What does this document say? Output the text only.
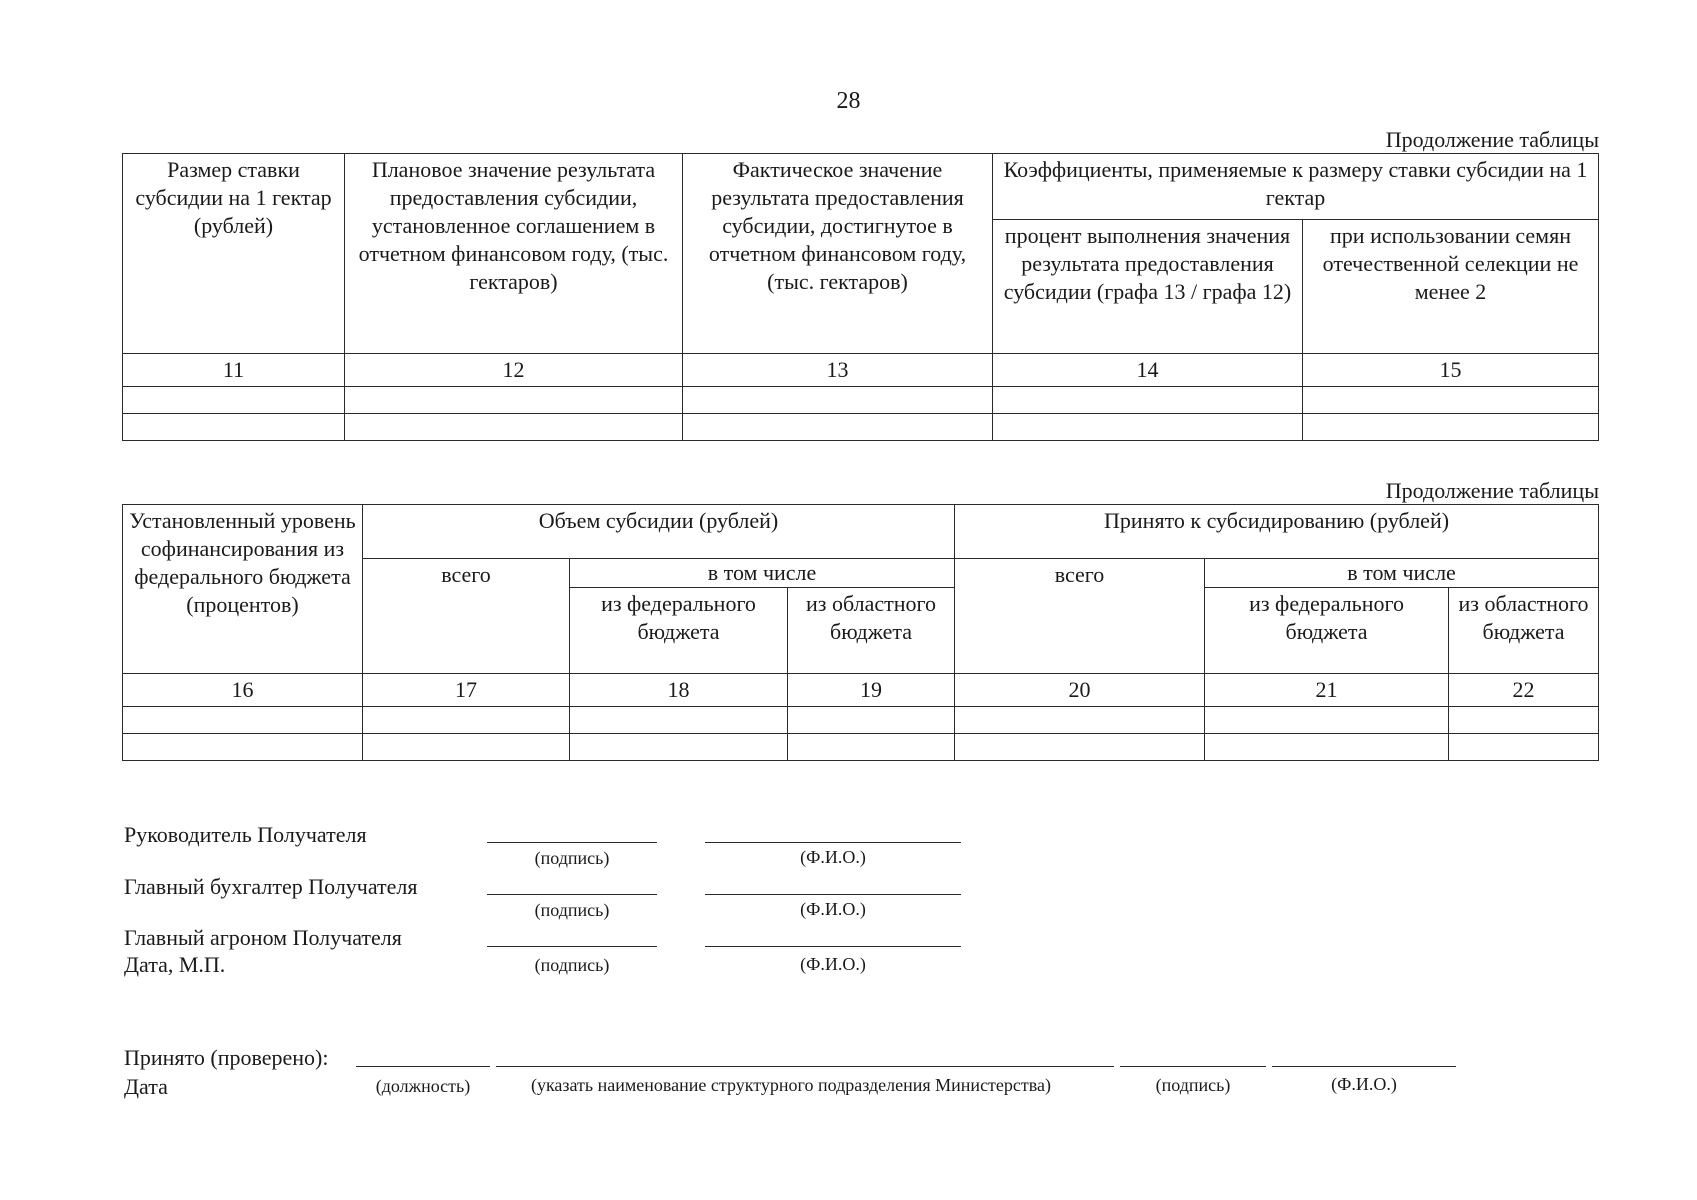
28
Продолжение таблицы
Размер ставки субсидии на 1 гектар (рублей)	Плановое значение результата предоставления субсидии, установленное соглашением в отчетном финансовом году, (тыс. гектаров)	Фактическое значение результата предоставления субсидии, достигнутое в отчетном финансовом году, (тыс. гектаров)	Коэффициенты, применяемые к размеру ставки субсидии на 1 гектар	
			процент выполнения значения результата предоставления субсидии (графа 13 / графа 12)	при использовании семян отечественной селекции не менее 2
11	12	13	14	15

Продолжение таблицы
Установленный уровень софинансирования из федерального бюджета (процентов)	Объем субсидии (рублей)			Принято к субсидированию (рублей)		
	всего	в том числе		всего	в том числе	
		из федерального бюджета	из областного бюджета		из федерального бюджета	из областного бюджета
16	17	18	19	20	21	22

Руководитель Получателя
(подпись)	(Ф.И.О.)
Главный бухгалтер Получателя
(подпись)	(Ф.И.О.)
Главный агроном Получателя
Дата, М.П.	(подпись)	(Ф.И.О.)
Принято (проверено):
Дата	(должность)	(указать наименование структурного подразделения Министерства)	(подпись)	(Ф.И.О.)
